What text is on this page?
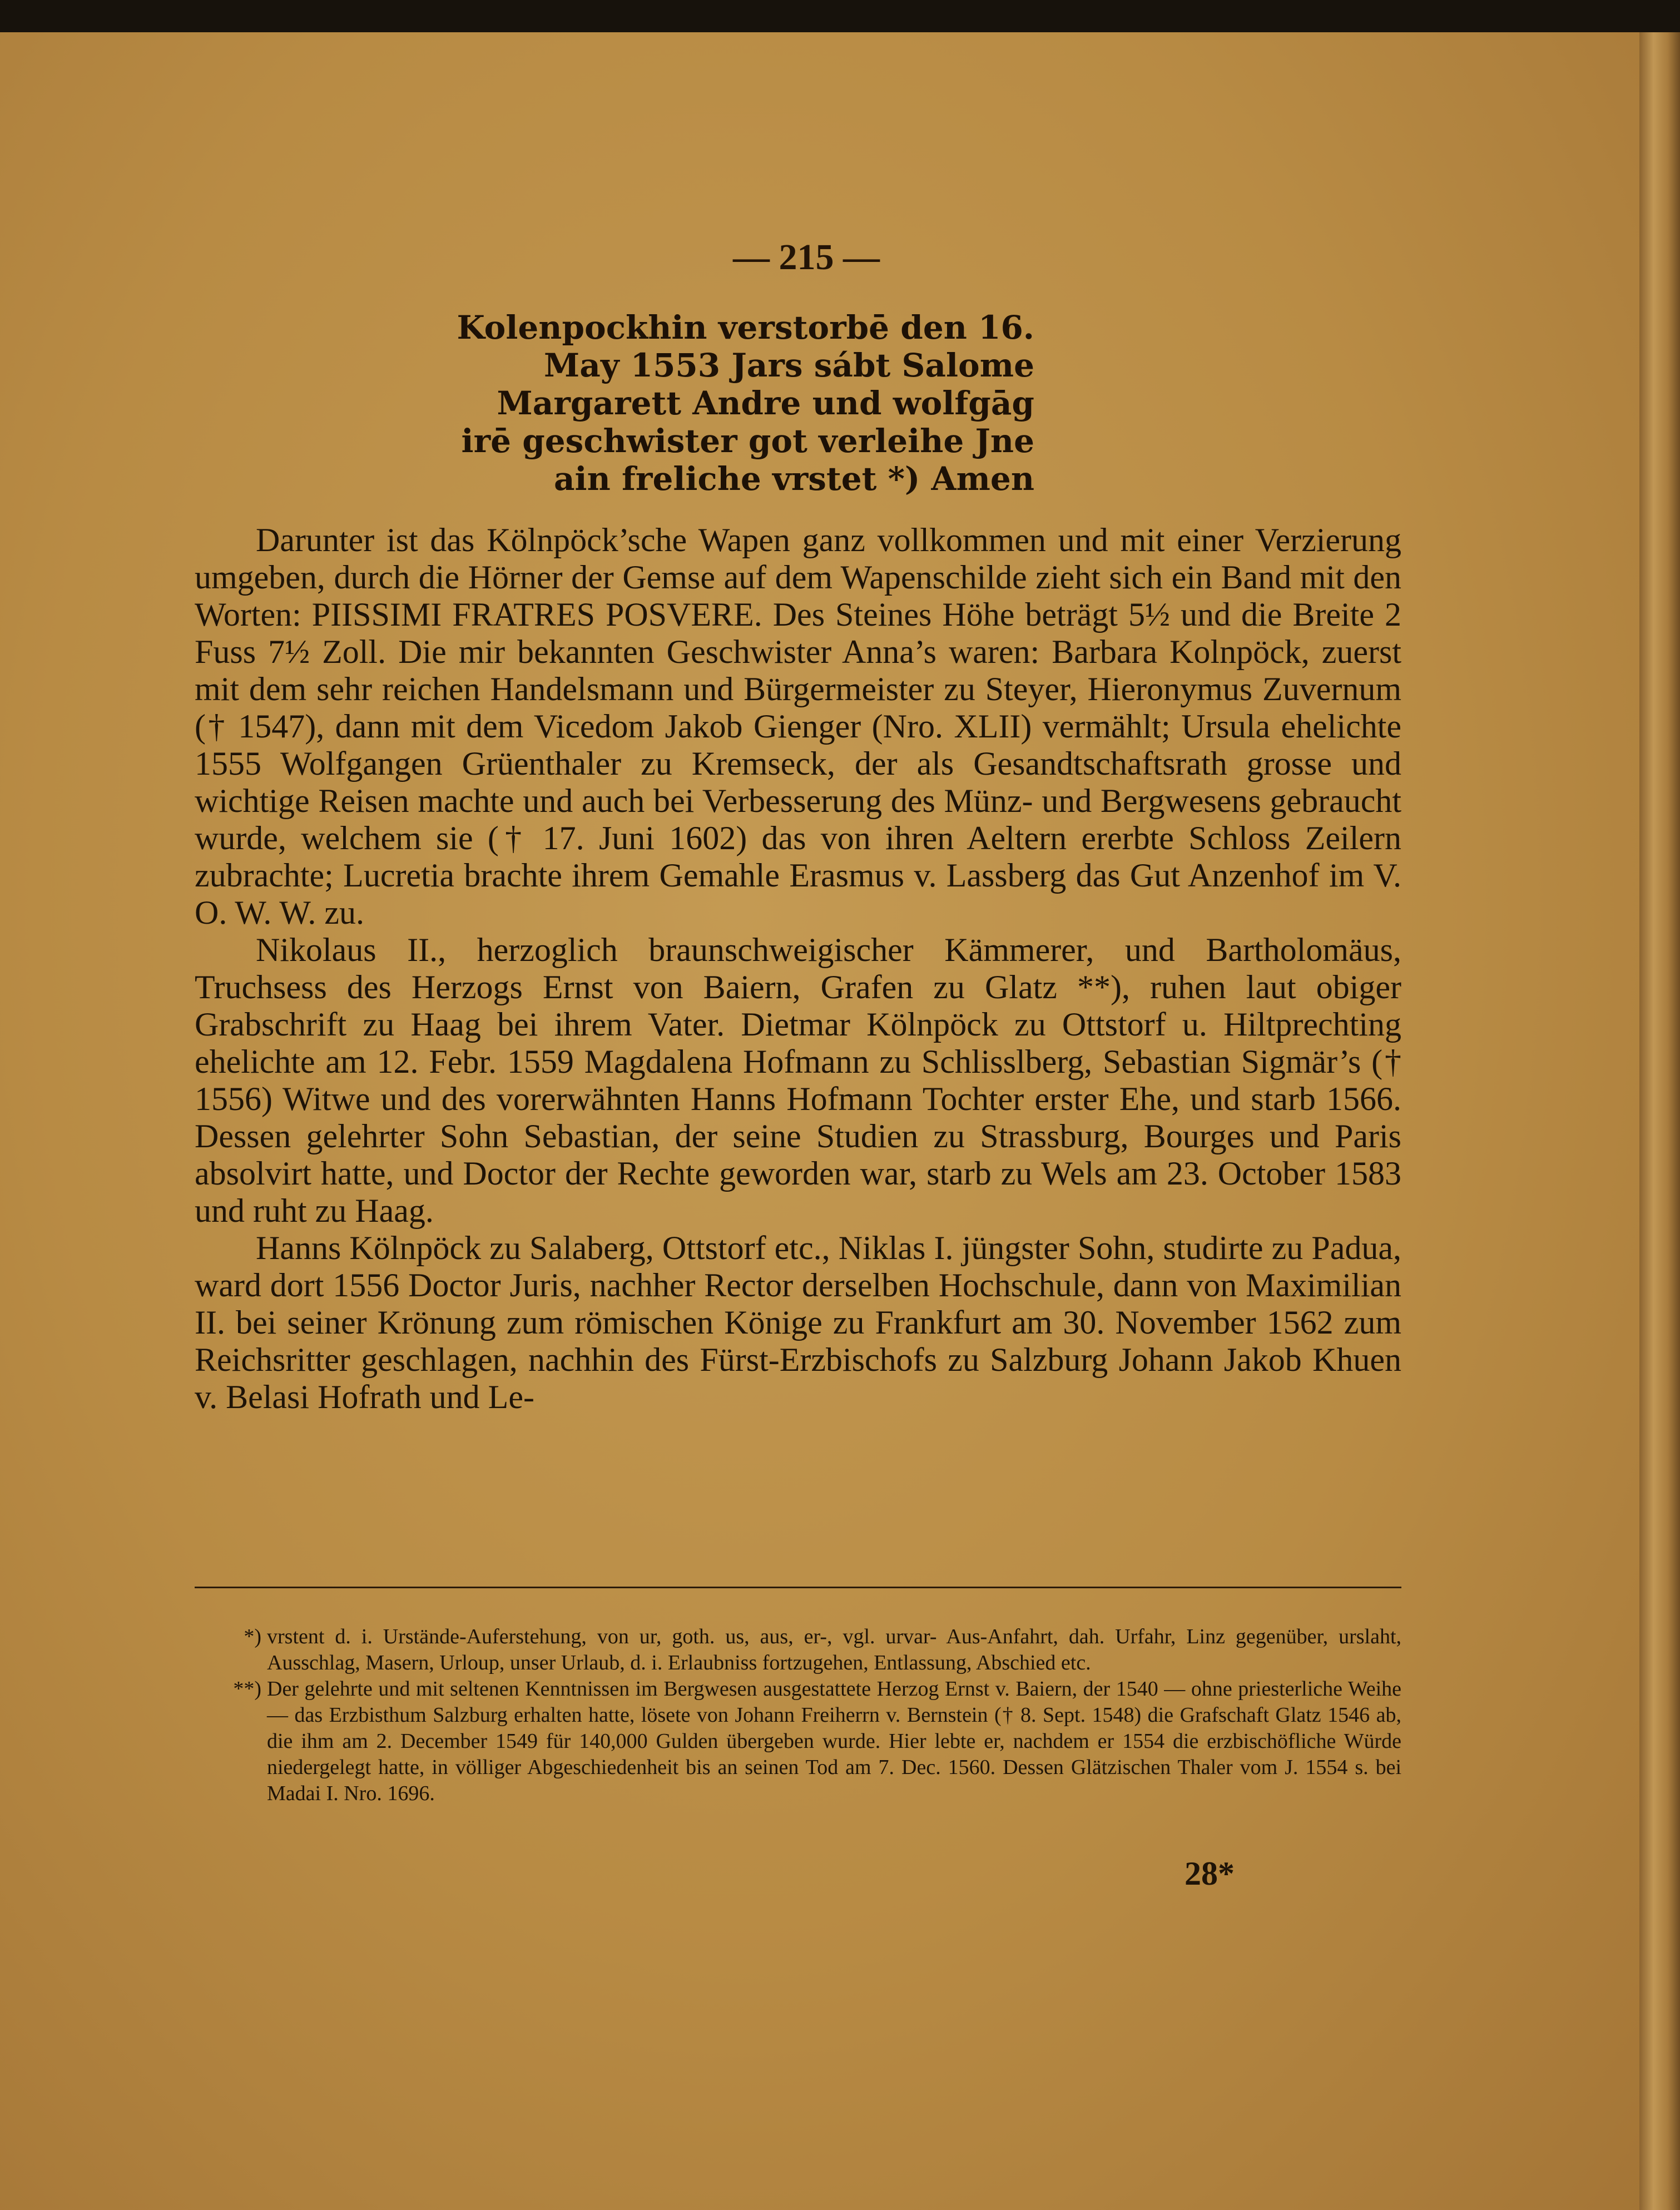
— 215 —
Kolenpockhin verstorbē den 16.
May 1553 Jars sábt Salome
Margarett Andre und wolfgāg
irē geschwister got verleihe Jne
ain freliche vrstet *) Amen

Darunter ist das Kölnpöck’sche Wapen ganz vollkommen und mit einer Verzierung umgeben, durch die Hörner der Gemse auf dem Wapenschilde zieht sich ein Band mit den Worten: PIISSIMI FRATRES POSVERE. Des Steines Höhe beträgt 5½ und die Breite 2 Fuss 7½ Zoll. Die mir bekannten Geschwister Anna’s waren: Barbara Kolnpöck, zuerst mit dem sehr reichen Handelsmann und Bürgermeister zu Steyer, Hieronymus Zuvernum († 1547), dann mit dem Vicedom Jakob Gienger (Nro. XLII) vermählt; Ursula ehelichte 1555 Wolfgangen Grüenthaler zu Kremseck, der als Gesandtschaftsrath grosse und wichtige Reisen machte und auch bei Verbesserung des Münz- und Bergwesens gebraucht wurde, welchem sie († 17. Juni 1602) das von ihren Aeltern ererbte Schloss Zeilern zubrachte; Lucretia brachte ihrem Gemahle Erasmus v. Lassberg das Gut Anzenhof im V. O. W. W. zu.

Nikolaus II., herzoglich braunschweigischer Kämmerer, und Bartholomäus, Truchsess des Herzogs Ernst von Baiern, Grafen zu Glatz **), ruhen laut obiger Grabschrift zu Haag bei ihrem Vater. Dietmar Kölnpöck zu Ottstorf u. Hiltprechting ehelichte am 12. Febr. 1559 Magdalena Hofmann zu Schlisslberg, Sebastian Sigmär’s († 1556) Witwe und des vorerwähnten Hanns Hofmann Tochter erster Ehe, und starb 1566. Dessen gelehrter Sohn Sebastian, der seine Studien zu Strassburg, Bourges und Paris absolvirt hatte, und Doctor der Rechte geworden war, starb zu Wels am 23. October 1583 und ruht zu Haag.

Hanns Kölnpöck zu Salaberg, Ottstorf etc., Niklas I. jüngster Sohn, studirte zu Padua, ward dort 1556 Doctor Juris, nachher Rector derselben Hochschule, dann von Maximilian II. bei seiner Krönung zum römischen Könige zu Frankfurt am 30. November 1562 zum Reichsritter geschlagen, nachhin des Fürst-Erzbischofs zu Salzburg Johann Jakob Khuen v. Belasi Hofrath und Le-

*) vrstent d. i. Urstände-Auferstehung, von ur, goth. us, aus, er-, vgl. urvar- Aus-Anfahrt, dah. Urfahr, Linz gegenüber, urslaht, Ausschlag, Masern, Urloup, unser Urlaub, d. i. Erlaubniss fortzugehen, Entlassung, Abschied etc.
**) Der gelehrte und mit seltenen Kenntnissen im Bergwesen ausgestattete Herzog Ernst v. Baiern, der 1540 — ohne priesterliche Weihe — das Erzbisthum Salzburg erhalten hatte, lösete von Johann Freiherrn v. Bernstein († 8. Sept. 1548) die Grafschaft Glatz 1546 ab, die ihm am 2. December 1549 für 140,000 Gulden übergeben wurde. Hier lebte er, nachdem er 1554 die erzbischöfliche Würde niedergelegt hatte, in völliger Abgeschiedenheit bis an seinen Tod am 7. Dec. 1560. Dessen Glätzischen Thaler vom J. 1554 s. bei Madai I. Nro. 1696.
28*
